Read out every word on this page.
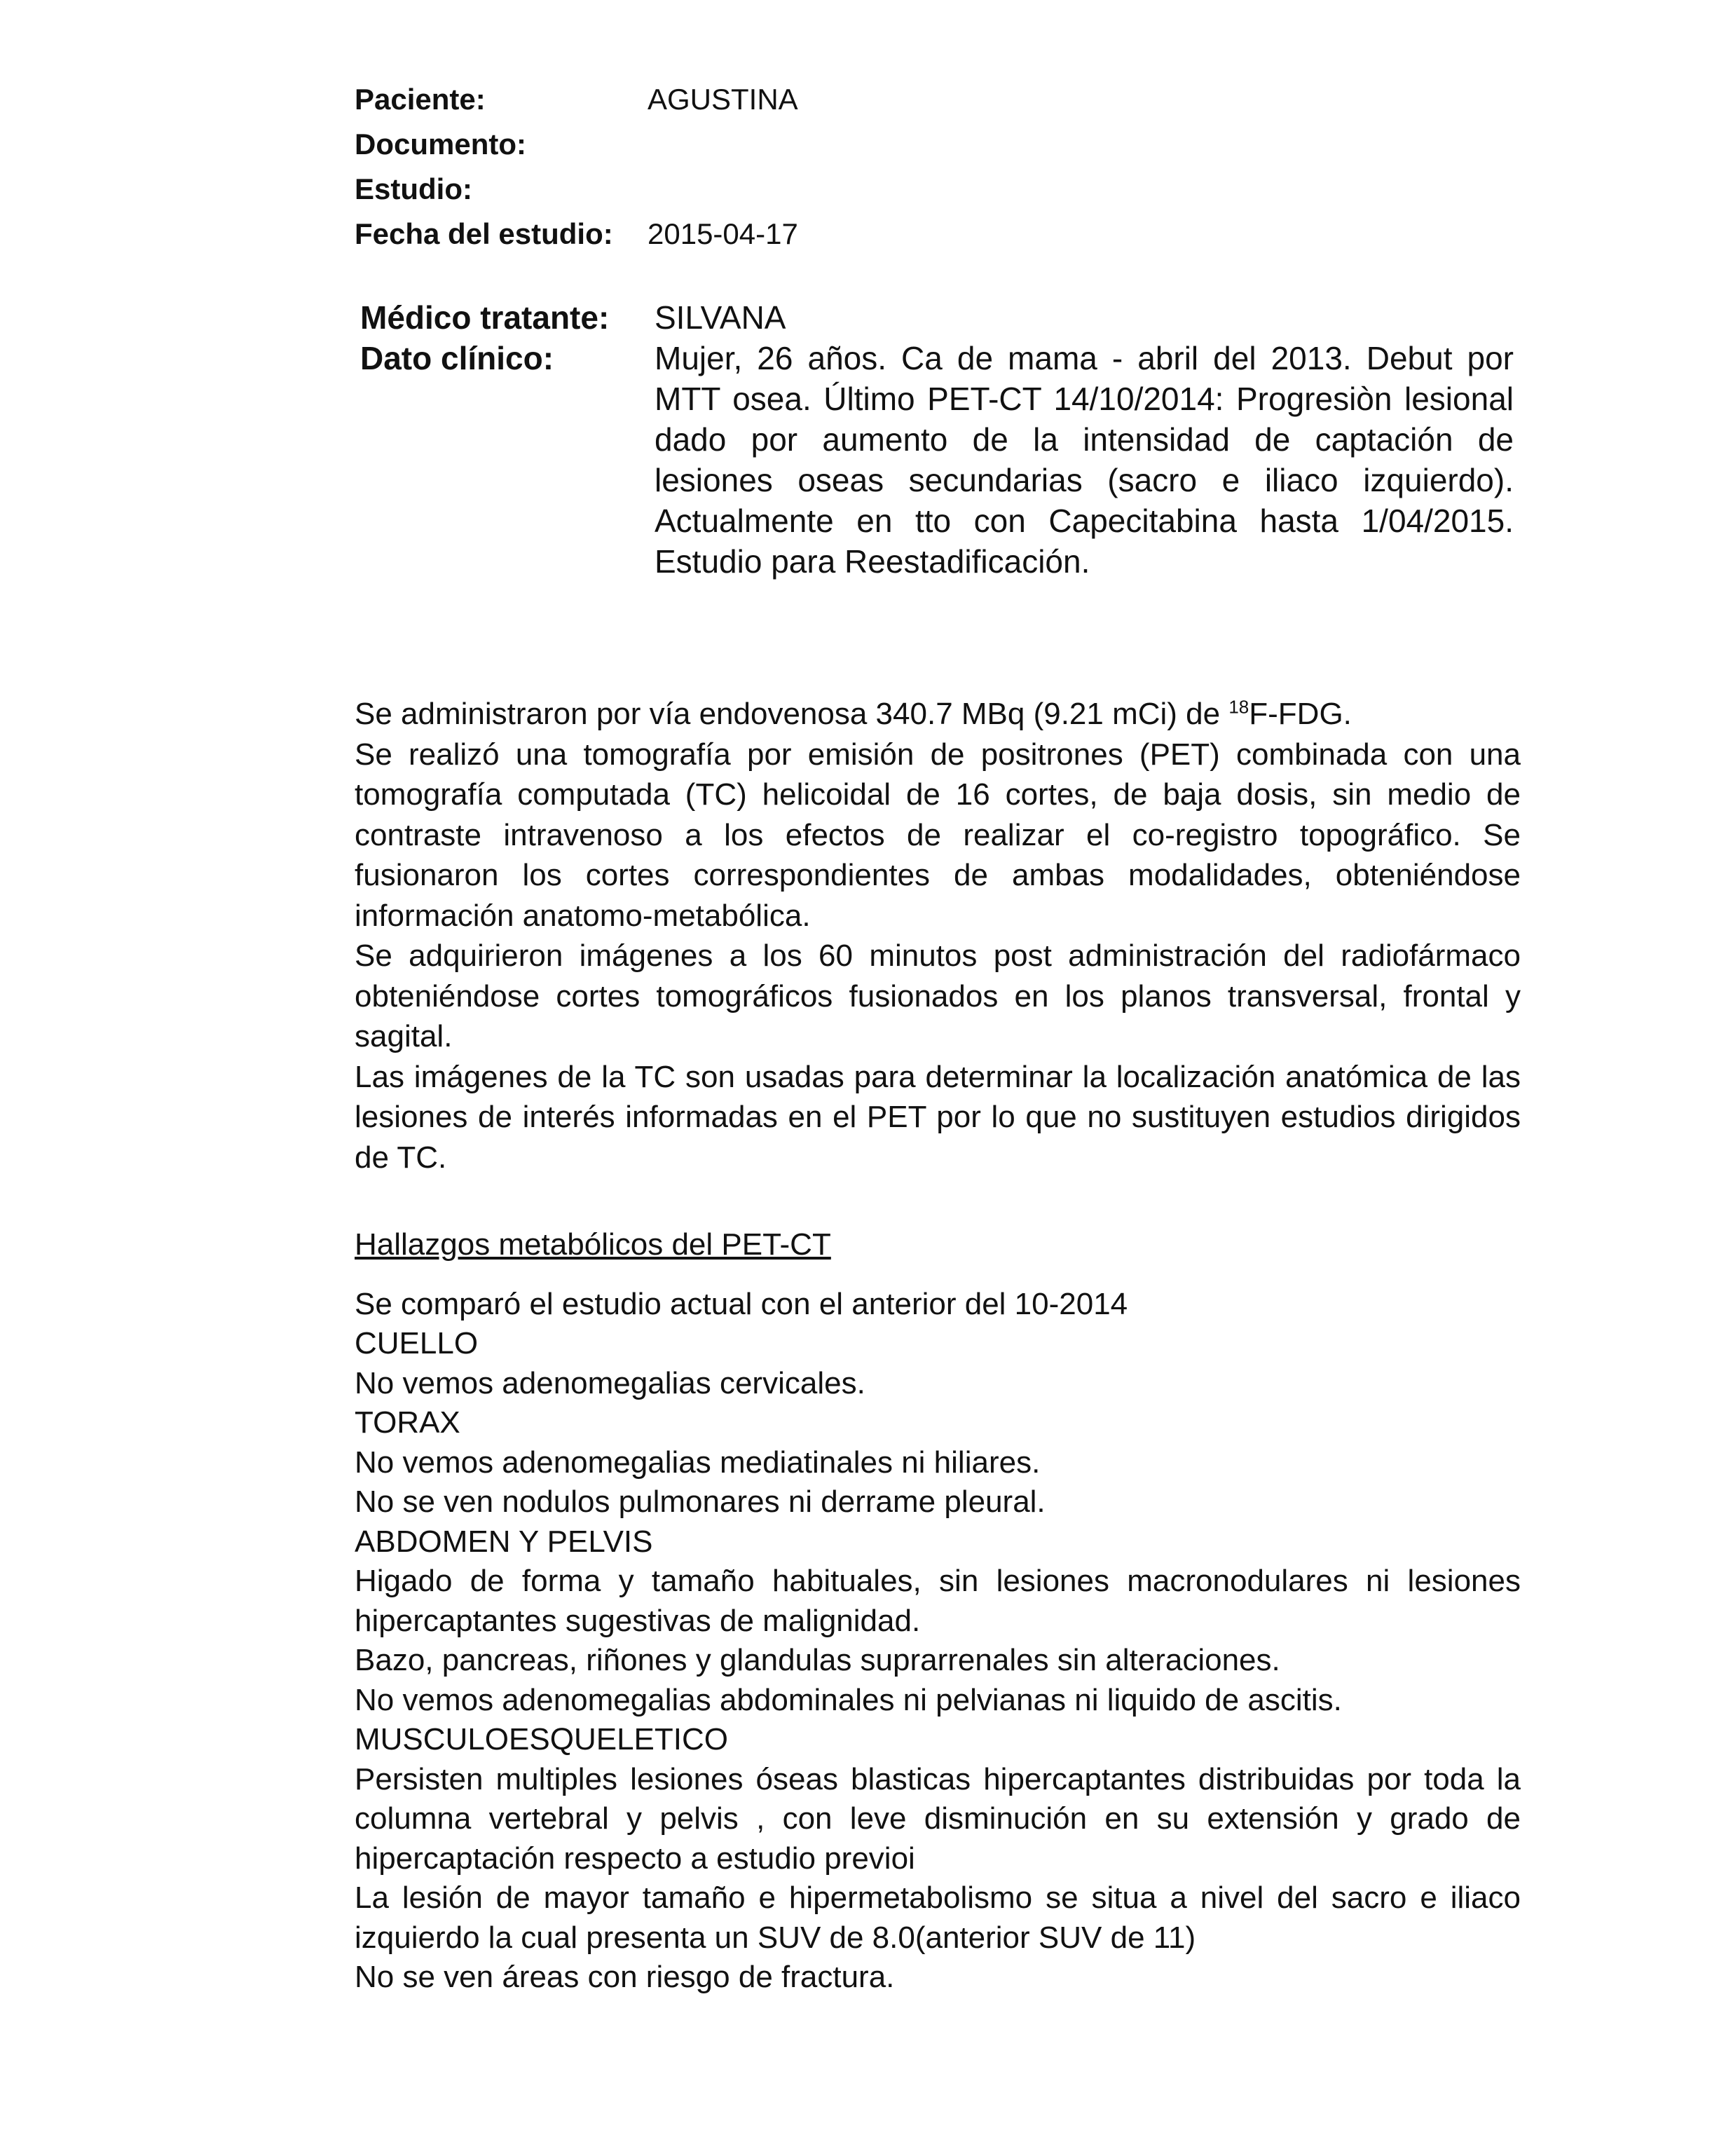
Paciente:	AGUSTINA
Documento:
Estudio:
Fecha del estudio: 2015-04-17
Médico tratante:	SILVANA
Dato clínico:	Mujer, 26 años. Ca de mama - abril del 2013. Debut por MTT osea. Último PET-CT 14/10/2014: Progresiòn lesional dado por aumento de la intensidad de captación de lesiones oseas secundarias (sacro e iliaco izquierdo). Actualmente en tto con Capecitabina hasta 1/04/2015. Estudio para Reestadificación.

Se administraron por vía endovenosa 340.7 MBq (9.21 mCi) de $^{18}$F-FDG.

Se realizó una tomografía por emisión de positrones (PET) combinada con una tomografía computada (TC) helicoidal de 16 cortes, de baja dosis, sin medio de contraste intravenoso a los efectos de realizar el co-registro topográfico. Se fusionaron los cortes correspondientes de ambas modalidades, obteniéndose información anatomo-metabólica.

Se adquirieron imágenes a los 60 minutos post administración del radiofármaco obteniéndose cortes tomográficos fusionados en los planos transversal, frontal y sagital.

Las imágenes de la TC son usadas para determinar la localización anatómica de las lesiones de interés informadas en el PET por lo que no sustituyen estudios dirigidos de TC.

Hallazgos metabólicos del PET-CT
Se comparó el estudio actual con el anterior del 10-2014
CUELLO
No vemos adenomegalias cervicales.
TORAX
No vemos adenomegalias mediatinales ni hiliares.
No se ven nodulos pulmonares ni derrame pleural.
ABDOMEN Y PELVIS
Higado de forma y tamaño habituales, sin lesiones macronodulares ni lesiones hipercaptantes sugestivas de malignidad.
Bazo, pancreas, riñones y glandulas suprarrenales sin alteraciones.
No vemos adenomegalias abdominales ni pelvianas ni liquido de ascitis.
MUSCULOESQUELETICO
Persisten multiples lesiones óseas blasticas hipercaptantes distribuidas por toda la columna vertebral y pelvis , con leve disminución en su extensión y grado de hipercaptación respecto a estudio previoi
La lesión de mayor tamaño e hipermetabolismo se situa a nivel del sacro e iliaco izquierdo la cual presenta un SUV de 8.0(anterior SUV de 11)
No se ven áreas con riesgo de fractura.
